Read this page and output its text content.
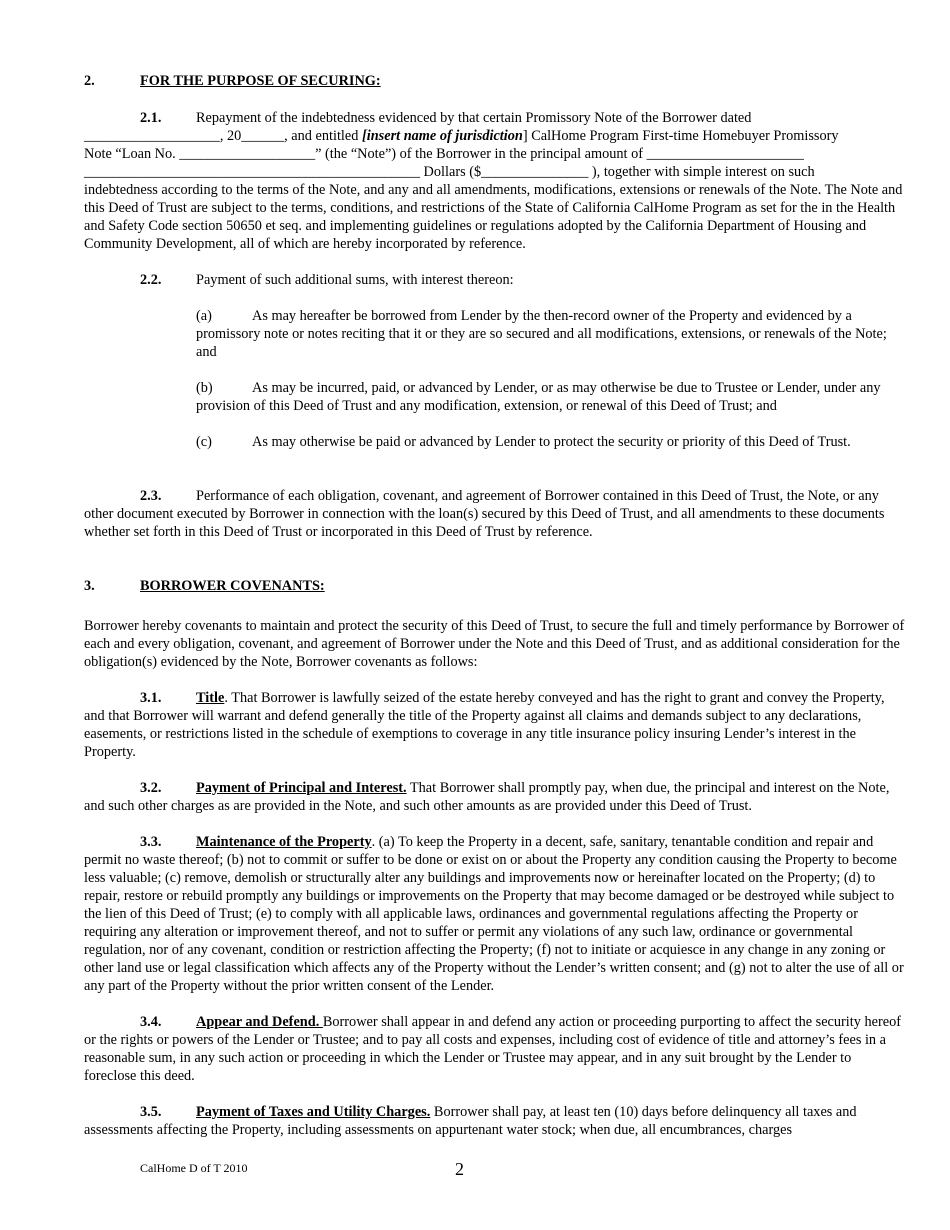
2.	FOR THE PURPOSE OF SECURING:

2.1. Repayment of the indebtedness evidenced by that certain Promissory Note of the Borrower dated

___________________, 20______, and entitled [insert name of jurisdiction] CalHome Program First-time Homebuyer Promissory

Note “Loan No. ___________________” (the “Note”) of the Borrower in the principal amount of ______________________

_______________________________________________ Dollars ($_______________ ), together with simple interest on such

indebtedness according to the terms of the Note, and any and all amendments, modifications, extensions or renewals of the Note. The Note and this Deed of Trust are subject to the terms, conditions, and restrictions of the State of California CalHome Program as set for the in the Health and Safety Code section 50650 et seq. and implementing guidelines or regulations adopted by the California Department of Housing and Community Development, all of which are hereby incorporated by reference.

2.2. Payment of such additional sums, with interest thereon:

(a)	As may hereafter be borrowed from Lender by the then-record owner of the Property and evidenced by a promissory note or notes reciting that it or they are so secured and all modifications, extensions, or renewals of the Note; and

(b)	As may be incurred, paid, or advanced by Lender, or as may otherwise be due to Trustee or Lender, under any provision of this Deed of Trust and any modification, extension, or renewal of this Deed of Trust; and

(c)	As may otherwise be paid or advanced by Lender to protect the security or priority of this Deed of Trust.

2.3. Performance of each obligation, covenant, and agreement of Borrower contained in this Deed of Trust, the Note, or any other document executed by Borrower in connection with the loan(s) secured by this Deed of Trust, and all amendments to these documents whether set forth in this Deed of Trust or incorporated in this Deed of Trust by reference.

3.	BORROWER COVENANTS:

Borrower hereby covenants to maintain and protect the security of this Deed of Trust, to secure the full and timely performance by Borrower of each and every obligation, covenant, and agreement of Borrower under the Note and this Deed of Trust, and as additional consideration for the obligation(s) evidenced by the Note, Borrower covenants as follows:

3.1. Title. That Borrower is lawfully seized of the estate hereby conveyed and has the right to grant and convey the Property, and that Borrower will warrant and defend generally the title of the Property against all claims and demands subject to any declarations, easements, or restrictions listed in the schedule of exemptions to coverage in any title insurance policy insuring Lender’s interest in the Property.

3.2. Payment of Principal and Interest. That Borrower shall promptly pay, when due, the principal and interest on the Note, and such other charges as are provided in the Note, and such other amounts as are provided under this Deed of Trust.

3.3. Maintenance of the Property. (a) To keep the Property in a decent, safe, sanitary, tenantable condition and repair and permit no waste thereof; (b) not to commit or suffer to be done or exist on or about the Property any condition causing the Property to become less valuable; (c) remove, demolish or structurally alter any buildings and improvements now or hereinafter located on the Property; (d) to repair, restore or rebuild promptly any buildings or improvements on the Property that may become damaged or be destroyed while subject to the lien of this Deed of Trust; (e) to comply with all applicable laws, ordinances and governmental regulations affecting the Property or requiring any alteration or improvement thereof, and not to suffer or permit any violations of any such law, ordinance or governmental regulation, nor of any covenant, condition or restriction affecting the Property; (f) not to initiate or acquiesce in any change in any zoning or other land use or legal classification which affects any of the Property without the Lender’s written consent; and (g) not to alter the use of all or any part of the Property without the prior written consent of the Lender.

3.4. Appear and Defend. Borrower shall appear in and defend any action or proceeding purporting to affect the security hereof or the rights or powers of the Lender or Trustee; and to pay all costs and expenses, including cost of evidence of title and attorney’s fees in a reasonable sum, in any such action or proceeding in which the Lender or Trustee may appear, and in any suit brought by the Lender to foreclose this deed.

3.5. Payment of Taxes and Utility Charges. Borrower shall pay, at least ten (10) days before delinquency all taxes and assessments affecting the Property, including assessments on appurtenant water stock; when due, all encumbrances, charges

CalHome D of T 2010	2
